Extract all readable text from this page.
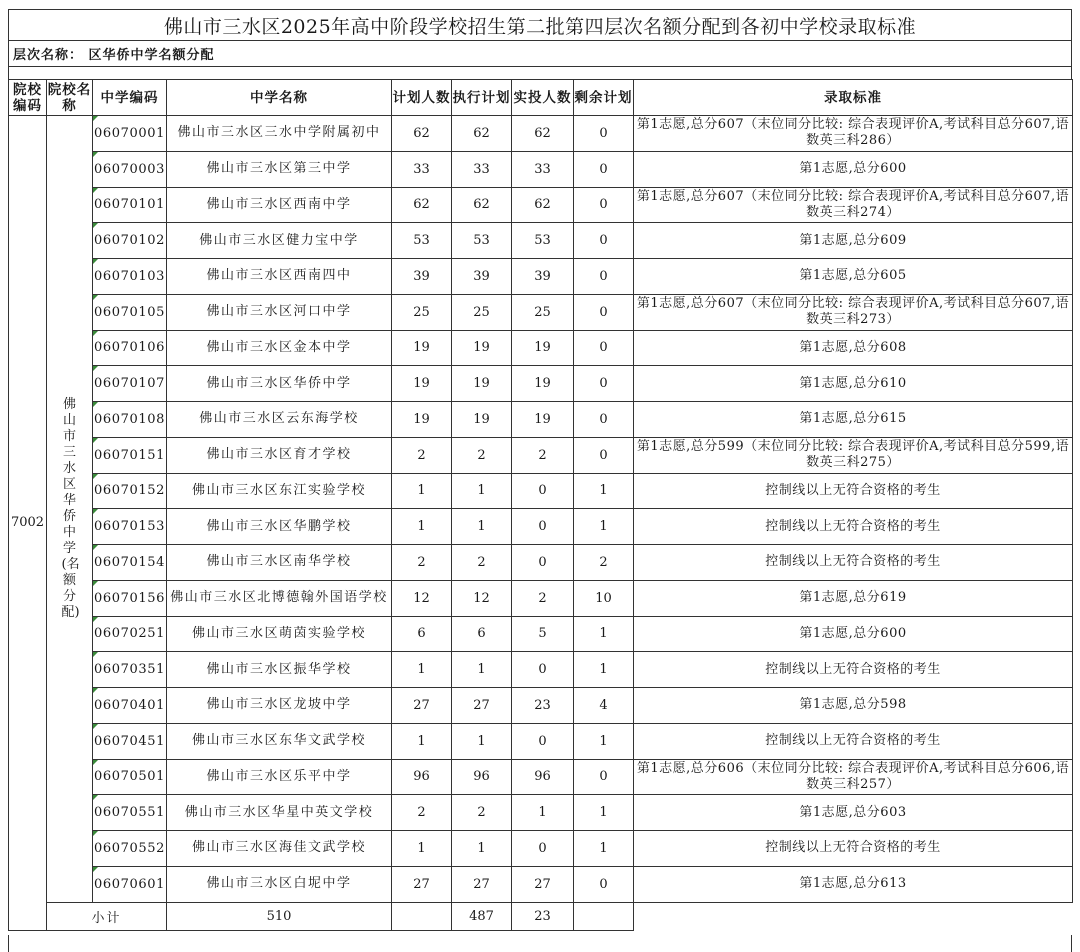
佛山市三水区2025年高中阶段学校招生第二批第四层次名额分配到各初中学校录取标准
层次名称： 区华侨中学名额分配
院校编码	院校名称	中学编码	中学名称	计划人数	执行计划	实投人数	剩余计划	录取标准
7002	佛山市三水区华侨中学(名额分配)	06070001	佛山市三水区三水中学附属初中	62	62	62	0	第1志愿,总分607（末位同分比较: 综合表现评价A,考试科目总分607,语数英三科286）
		06070003	佛山市三水区第三中学	33	33	33	0	第1志愿,总分600
		06070101	佛山市三水区西南中学	62	62	62	0	第1志愿,总分607（末位同分比较: 综合表现评价A,考试科目总分607,语数英三科274）
		06070102	佛山市三水区健力宝中学	53	53	53	0	第1志愿,总分609
		06070103	佛山市三水区西南四中	39	39	39	0	第1志愿,总分605
		06070105	佛山市三水区河口中学	25	25	25	0	第1志愿,总分607（末位同分比较: 综合表现评价A,考试科目总分607,语数英三科273）
		06070106	佛山市三水区金本中学	19	19	19	0	第1志愿,总分608
		06070107	佛山市三水区华侨中学	19	19	19	0	第1志愿,总分610
		06070108	佛山市三水区云东海学校	19	19	19	0	第1志愿,总分615
		06070151	佛山市三水区育才学校	2	2	2	0	第1志愿,总分599（末位同分比较: 综合表现评价A,考试科目总分599,语数英三科275）
		06070152	佛山市三水区东江实验学校	1	1	0	1	控制线以上无符合资格的考生
		06070153	佛山市三水区华鹏学校	1	1	0	1	控制线以上无符合资格的考生
		06070154	佛山市三水区南华学校	2	2	0	2	控制线以上无符合资格的考生
		06070156	佛山市三水区北博德翰外国语学校	12	12	2	10	第1志愿,总分619
		06070251	佛山市三水区萌茵实验学校	6	6	5	1	第1志愿,总分600
		06070351	佛山市三水区振华学校	1	1	0	1	控制线以上无符合资格的考生
		06070401	佛山市三水区龙坡中学	27	27	23	4	第1志愿,总分598
		06070451	佛山市三水区东华文武学校	1	1	0	1	控制线以上无符合资格的考生
		06070501	佛山市三水区乐平中学	96	96	96	0	第1志愿,总分606（末位同分比较: 综合表现评价A,考试科目总分606,语数英三科257）
		06070551	佛山市三水区华星中英文学校	2	2	1	1	第1志愿,总分603
		06070552	佛山市三水区海佳文武学校	1	1	0	1	控制线以上无符合资格的考生
		06070601	佛山市三水区白坭中学	27	27	27	0	第1志愿,总分613
	小计		510		487	23		
